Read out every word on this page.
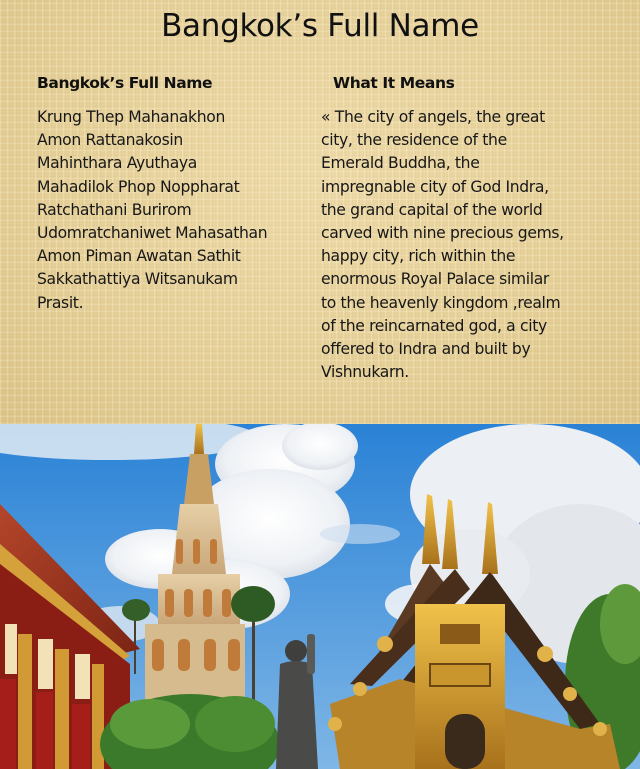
Bangkok’s Full Name
Bangkok’s Full Name	What It Means
Krung Thep Mahanakhon
Amon Rattanakosin
Mahinthara Ayuthaya
Mahadilok Phop Noppharat
Ratchathani Burirom
Udomratchaniwet Mahasathan
Amon Piman Awatan Sathit
Sakkathattiya Witsanukam
Prasit.
« The city of angels, the great
city, the residence of the
Emerald Buddha, the
impregnable city of God Indra,
the grand capital of the world
carved with nine precious gems,
happy city, rich within the
enormous Royal Palace similar
to the heavenly kingdom ,realm
of the reincarnated god, a city
offered to Indra and built by
Vishnukarn.
